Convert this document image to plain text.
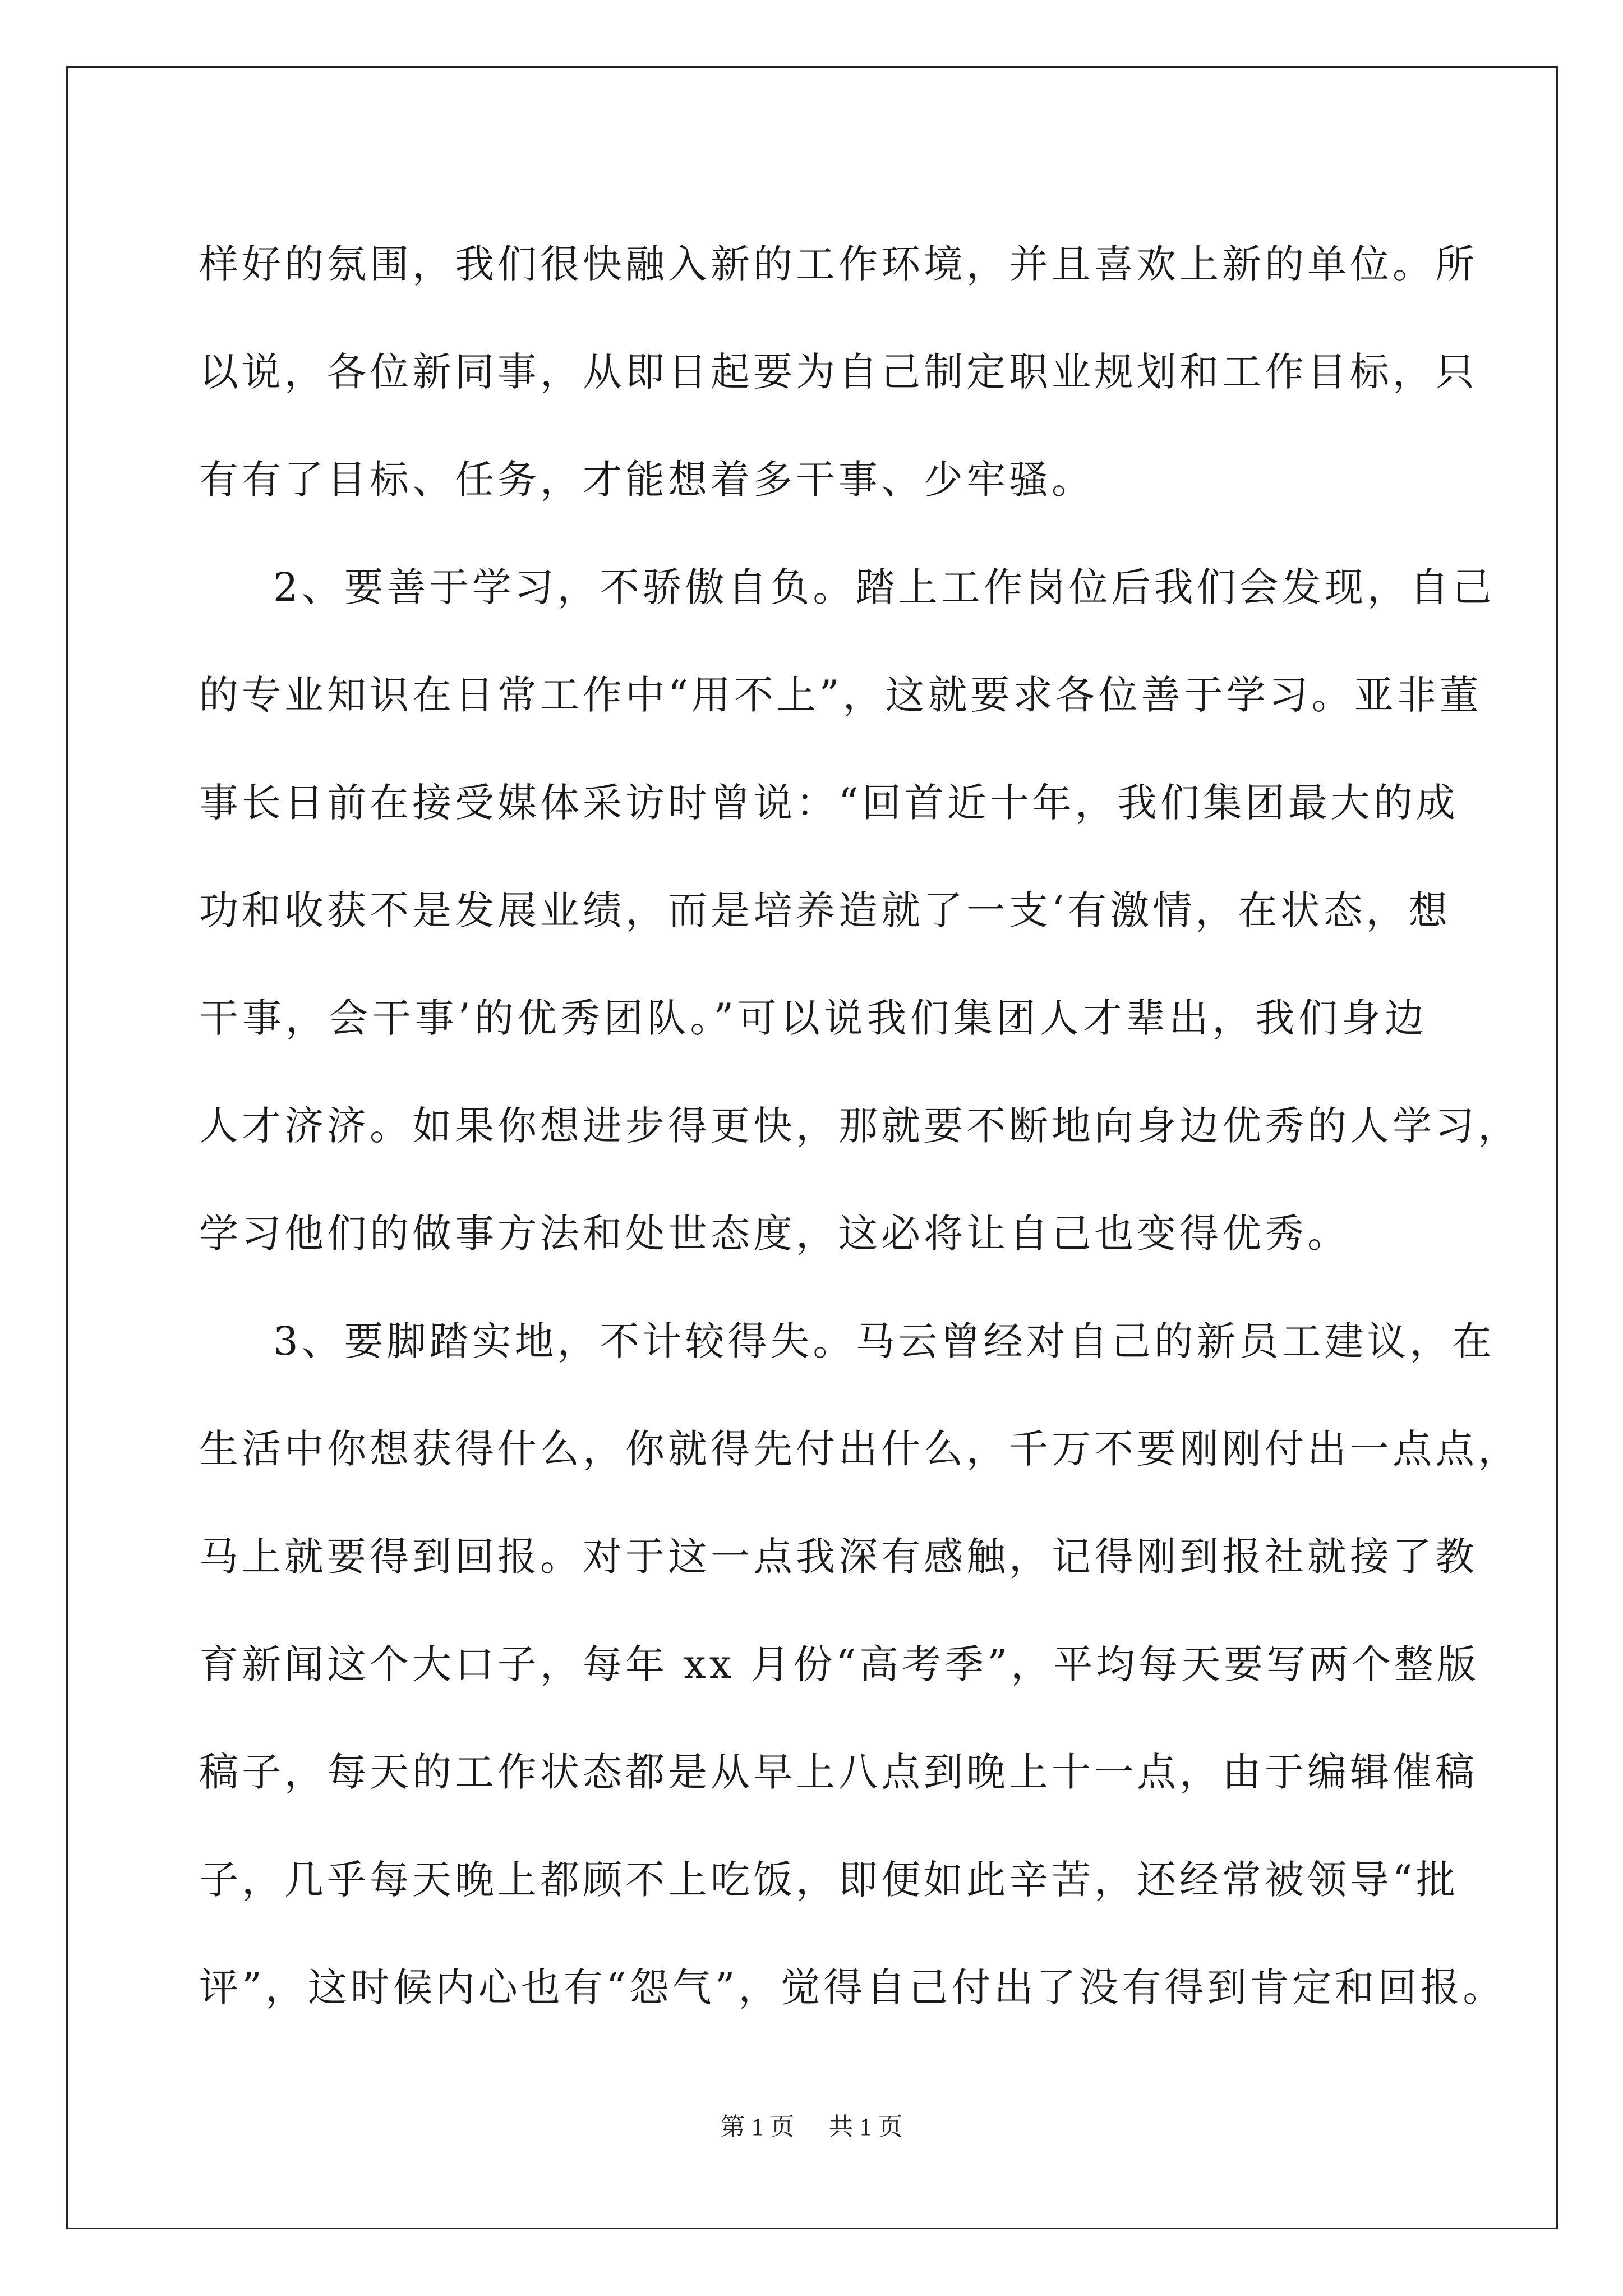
样好的氛围，我们很快融入新的工作环境，并且喜欢上新的单位。所
以说，各位新同事，从即日起要为自己制定职业规划和工作目标，只
有有了目标、任务，才能想着多干事、少牢骚。
2、要善于学习，不骄傲自负。踏上工作岗位后我们会发现，自己
的专业知识在日常工作中“用不上”，这就要求各位善于学习。亚非董
事长日前在接受媒体采访时曾说：“回首近十年，我们集团最大的成
功和收获不是发展业绩，而是培养造就了一支‘有激情，在状态，想
干事，会干事’的优秀团队。”可以说我们集团人才辈出，我们身边
人才济济。如果你想进步得更快，那就要不断地向身边优秀的人学习，
学习他们的做事方法和处世态度，这必将让自己也变得优秀。
3、要脚踏实地，不计较得失。马云曾经对自己的新员工建议，在
生活中你想获得什么，你就得先付出什么，千万不要刚刚付出一点点，
马上就要得到回报。对于这一点我深有感触，记得刚到报社就接了教
育新闻这个大口子，每年 xx 月份“高考季”，平均每天要写两个整版
稿子，每天的工作状态都是从早上八点到晚上十一点，由于编辑催稿
子，几乎每天晚上都顾不上吃饭，即便如此辛苦，还经常被领导“批
评”，这时候内心也有“怨气”，觉得自己付出了没有得到肯定和回报。
第 1 页 共 1 页
